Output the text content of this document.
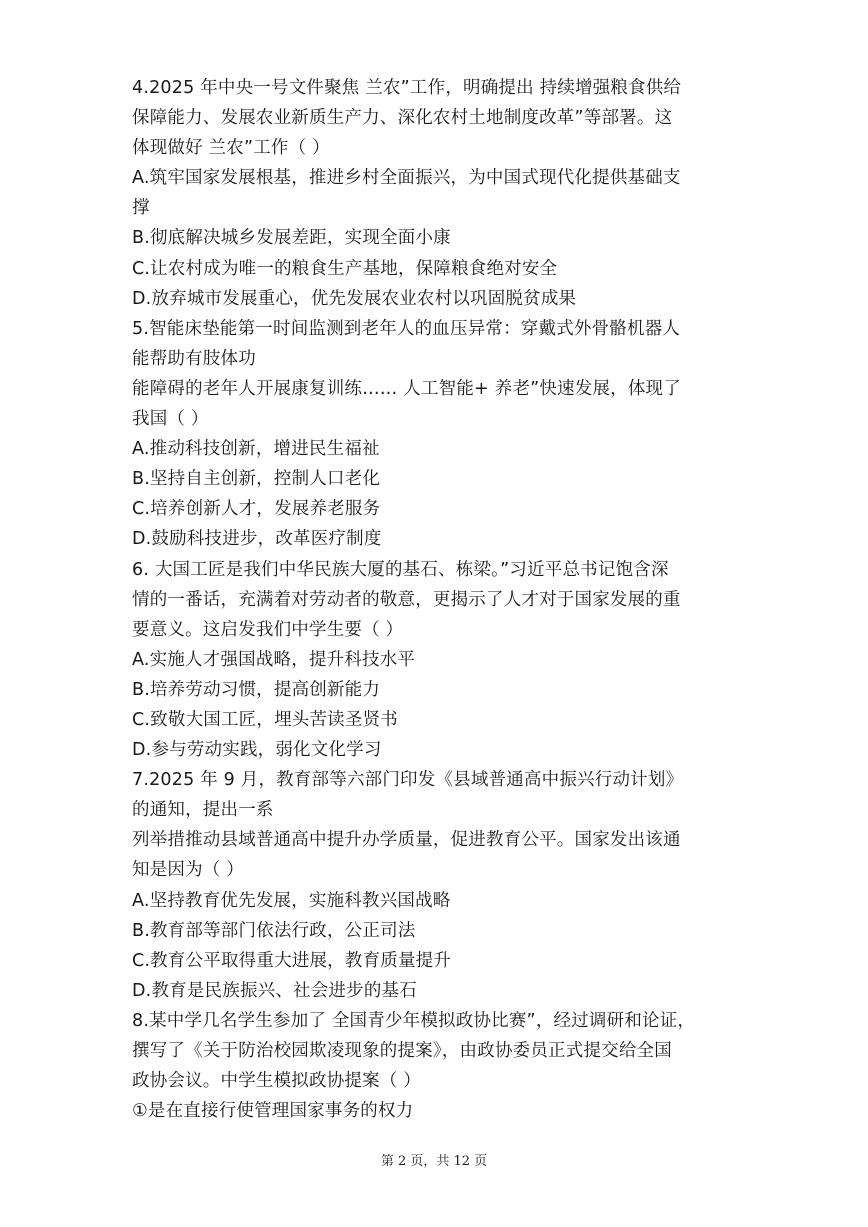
4.2025 年中央一号文件聚焦 兰农”工作，明确提出 持续增强粮食供给
保障能力、发展农业新质生产力、深化农村土地制度改革”等部署。这
体现做好 兰农”工作（ ）
A.筑牢国家发展根基，推进乡村全面振兴，为中国式现代化提供基础支
撑
B.彻底解决城乡发展差距，实现全面小康
C.让农村成为唯一的粮食生产基地，保障粮食绝对安全
D.放弃城市发展重心，优先发展农业农村以巩固脱贫成果
5.智能床垫能第一时间监测到老年人的血压异常：穿戴式外骨骼机器人
能帮助有肢体功
能障碍的老年人开展康复训练…… 人工智能+ 养老”快速发展，体现了
我国（ ）
A.推动科技创新，增进民生福祉
B.坚持自主创新，控制人口老化
C.培养创新人才，发展养老服务
D.鼓励科技进步，改革医疗制度
6. 大国工匠是我们中华民族大厦的基石、栋梁。”习近平总书记饱含深
情的一番话，充满着对劳动者的敬意，更揭示了人才对于国家发展的重
要意义。这启发我们中学生要（ ）
A.实施人才强国战略，提升科技水平
B.培养劳动习惯，提高创新能力
C.致敬大国工匠，埋头苦读圣贤书
D.参与劳动实践，弱化文化学习
7.2025 年 9 月，教育部等六部门印发《县域普通高中振兴行动计划》
的通知，提出一系
列举措推动县域普通高中提升办学质量，促进教育公平。国家发出该通
知是因为（ ）
A.坚持教育优先发展，实施科教兴国战略
B.教育部等部门依法行政，公正司法
C.教育公平取得重大进展，教育质量提升
D.教育是民族振兴、社会进步的基石
8.某中学几名学生参加了 全国青少年模拟政协比赛”，经过调研和论证，
撰写了《关于防治校园欺凌现象的提案》，由政协委员正式提交给全国
政协会议。中学生模拟政协提案（ ）
①是在直接行使管理国家事务的权力
第 2 页，共 12 页
